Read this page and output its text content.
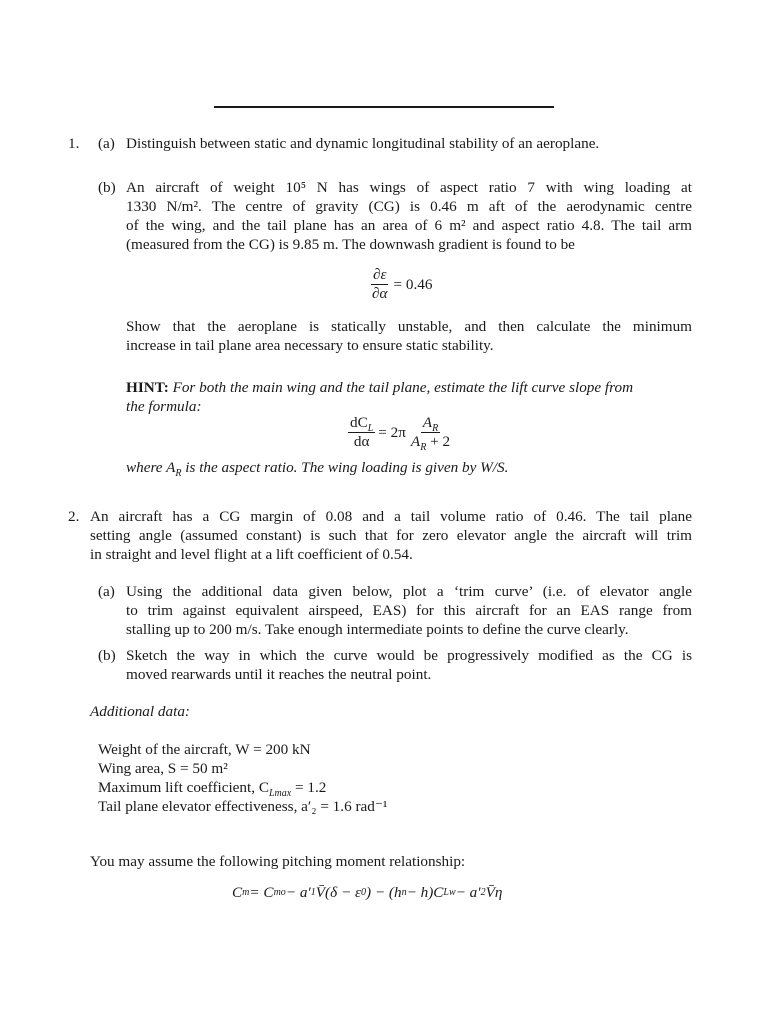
1. (a) Distinguish between static and dynamic longitudinal stability of an aeroplane.
(b) An aircraft of weight 10⁵ N has wings of aspect ratio 7 with wing loading at
1330 N/m². The centre of gravity (CG) is 0.46 m aft of the aerodynamic centre
of the wing, and the tail plane has an area of 6 m² and aspect ratio 4.8. The tail arm
(measured from the CG) is 9.85 m. The downwash gradient is found to be
$\frac{\partial\varepsilon}{\partial\alpha} = 0.46$
Show that the aeroplane is statically unstable, and then calculate the minimum
increase in tail plane area necessary to ensure static stability.
HINT: For both the main wing and the tail plane, estimate the lift curve slope from
the formula:
$\frac{dC_L}{d\alpha} = 2\pi \frac{A_R}{A_R + 2}$
where $A_R$ is the aspect ratio. The wing loading is given by W/S.
2. An aircraft has a CG margin of 0.08 and a tail volume ratio of 0.46. The tail plane
setting angle (assumed constant) is such that for zero elevator angle the aircraft will trim
in straight and level flight at a lift coefficient of 0.54.
(a) Using the additional data given below, plot a ‘trim curve’ (i.e. of elevator angle
to trim against equivalent airspeed, EAS) for this aircraft for an EAS range from
stalling up to 200 m/s. Take enough intermediate points to define the curve clearly.
(b) Sketch the way in which the curve would be progressively modified as the CG is
moved rearwards until it reaches the neutral point.
Additional data:
Weight of the aircraft, W = 200 kN
Wing area, S = 50 m²
Maximum lift coefficient, $C_{Lmax} = 1.2$
Tail plane elevator effectiveness, a′₂ = 1.6 rad⁻¹
You may assume the following pitching moment relationship:
C m = C mo − a′ 1 V̄(δ − ε 0 ) − (h n − h)C Lw − a′ 2 V̄η
